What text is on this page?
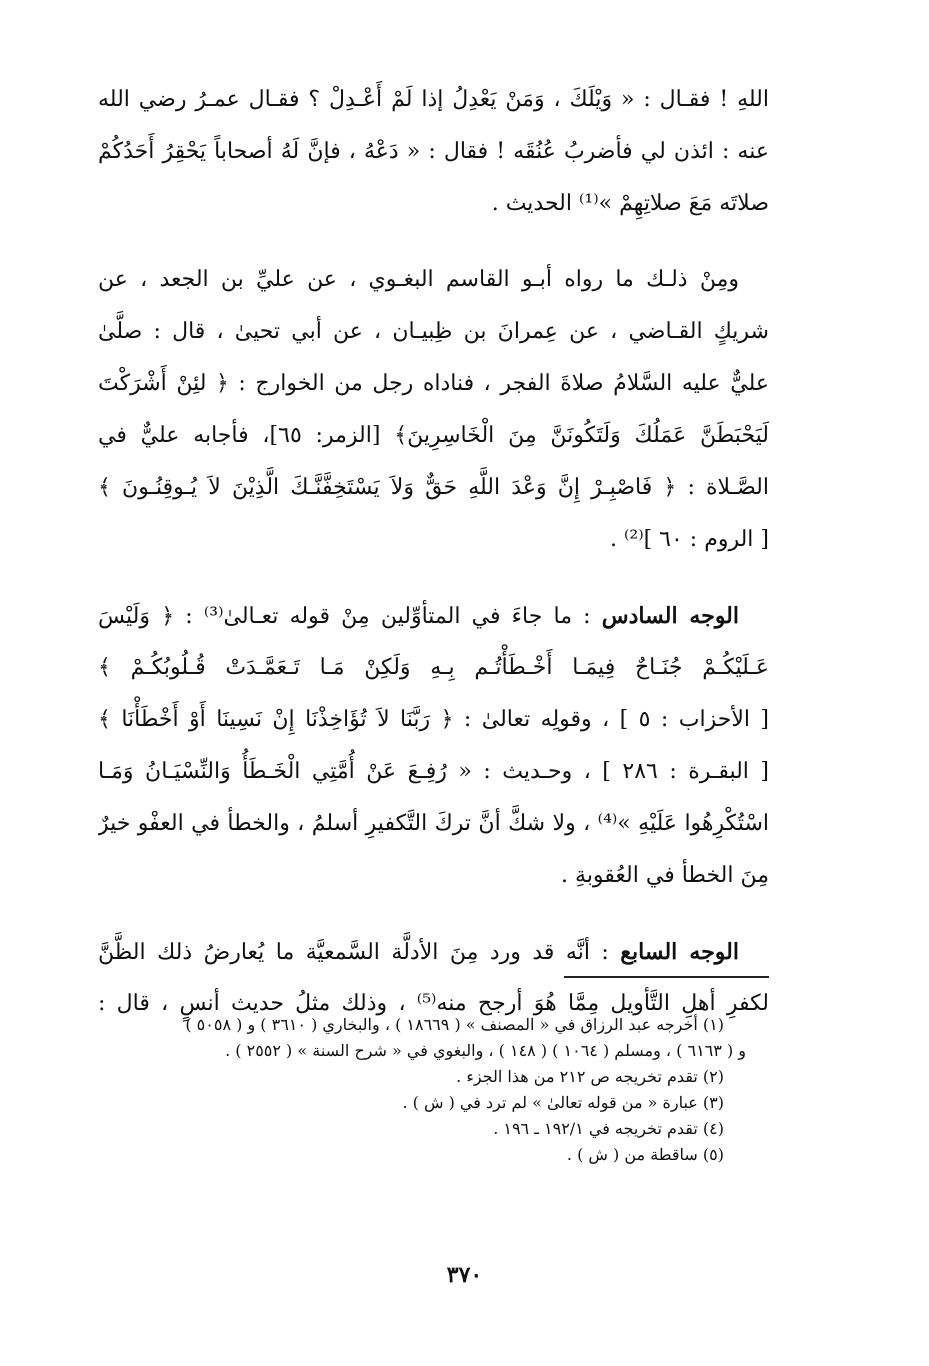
اللهِ ! فقـال : « وَيْلَكَ ، وَمَنْ يَعْدِلُ إذا لَمْ أَعْـدِلْ ؟ فقـال عمـرُ رضي الله
عنه : ائذن لي فأضربُ عُنُقَه ! فقال : « دَعْهُ ، فإنَّ لَهُ أصحاباً يَحْقِرُ أَحَدُكُمْ
صلاتَه مَعَ صلاتِهِمْ »⁽¹⁾ الحديث .
ومِنْ ذلـك ما رواه أبـو القاسم البغـوي ، عن عليِّ بن الجعد ، عن
شريكٍ القـاضي ، عن عِمرانَ بن ظِبيـان ، عن أبي تحيىٰ ، قال : صلَّىٰ
عليٌّ عليه السَّلامُ صلاةَ الفجر ، فناداه رجل من الخوارج : ﴿ لئِنْ أَشْرَكْتَ
لَيَحْبَطَنَّ عَمَلُكَ وَلَتَكُونَنَّ مِنَ الْخَاسِرِينَ﴾ [الزمر: ٦٥]، فأجابه عليٌّ في
الصَّـلاة : ﴿ فَاصْبِـرْ إِنَّ وَعْدَ اللَّهِ حَقٌّ وَلاَ يَسْتَخِفَّنَّـكَ الَّذِيْنَ لاَ يُـوقِنُـونَ ﴾
[ الروم : ٦٠ ]⁽²⁾ .
الوجه السادس : ما جاءَ في المتأوِّلين مِنْ قوله تعـالىٰ⁽³⁾ : ﴿ وَلَيْسَ
عَـلَيْكُـمْ جُنَـاحٌ فِيمَـا أَخْـطَأْتُـم بِـهِ وَلَكِنْ مَـا تَـعَمَّـدَتْ قُـلُوبُكُـمْ ﴾
[ الأحزاب : ٥ ] ، وقولِه تعالىٰ : ﴿ رَبَّنَا لاَ تُؤَاخِذْنَا إِنْ نَسِينَا أَوْ أَخْطَأْنَا ﴾
[ البقـرة : ٢٨٦ ] ، وحـديث : « رُفِـعَ عَنْ أُمَّتِي الْخَـطَأُ وَالنِّسْيَـانُ وَمَـا
اسْتُكْرِهُوا عَلَيْهِ »⁽⁴⁾ ، ولا شكَّ أنَّ تركَ التَّكفيرِ أسلمُ ، والخطأ في العفْو خيرٌ
مِنَ الخطأ في العُقوبةِ .
الوجه السابع : أنَّه قد ورد مِنَ الأدلَّة السَّمعيَّة ما يُعارضُ ذلك الظَّنَّ
لكفرِ أهلِ التَّأويل مِمَّا هُوَ أرجح منه⁽⁵⁾ ، وذلك مثلُ حديث أنسٍ ، قال :
(١) أخرجه عبد الرزاق في « المصنف » ( ١٨٦٦٩ ) ، والبخاري ( ٣٦١٠ ) و ( ٥٠٥٨ )
و ( ٦١٦٣ ) ، ومسلم ( ١٠٦٤ ) ( ١٤٨ ) ، والبغوي في « شرح السنة » ( ٢٥٥٢ ) .
(٢) تقدم تخريجه ص ٢١٢ من هذا الجزء .
(٣) عبارة « من قوله تعالىٰ » لم ترد في ( ش ) .
(٤) تقدم تخريجه في ١٩٢/١ ـ ١٩٦ .
(٥) ساقطة من ( ش ) .
٣٧٠
